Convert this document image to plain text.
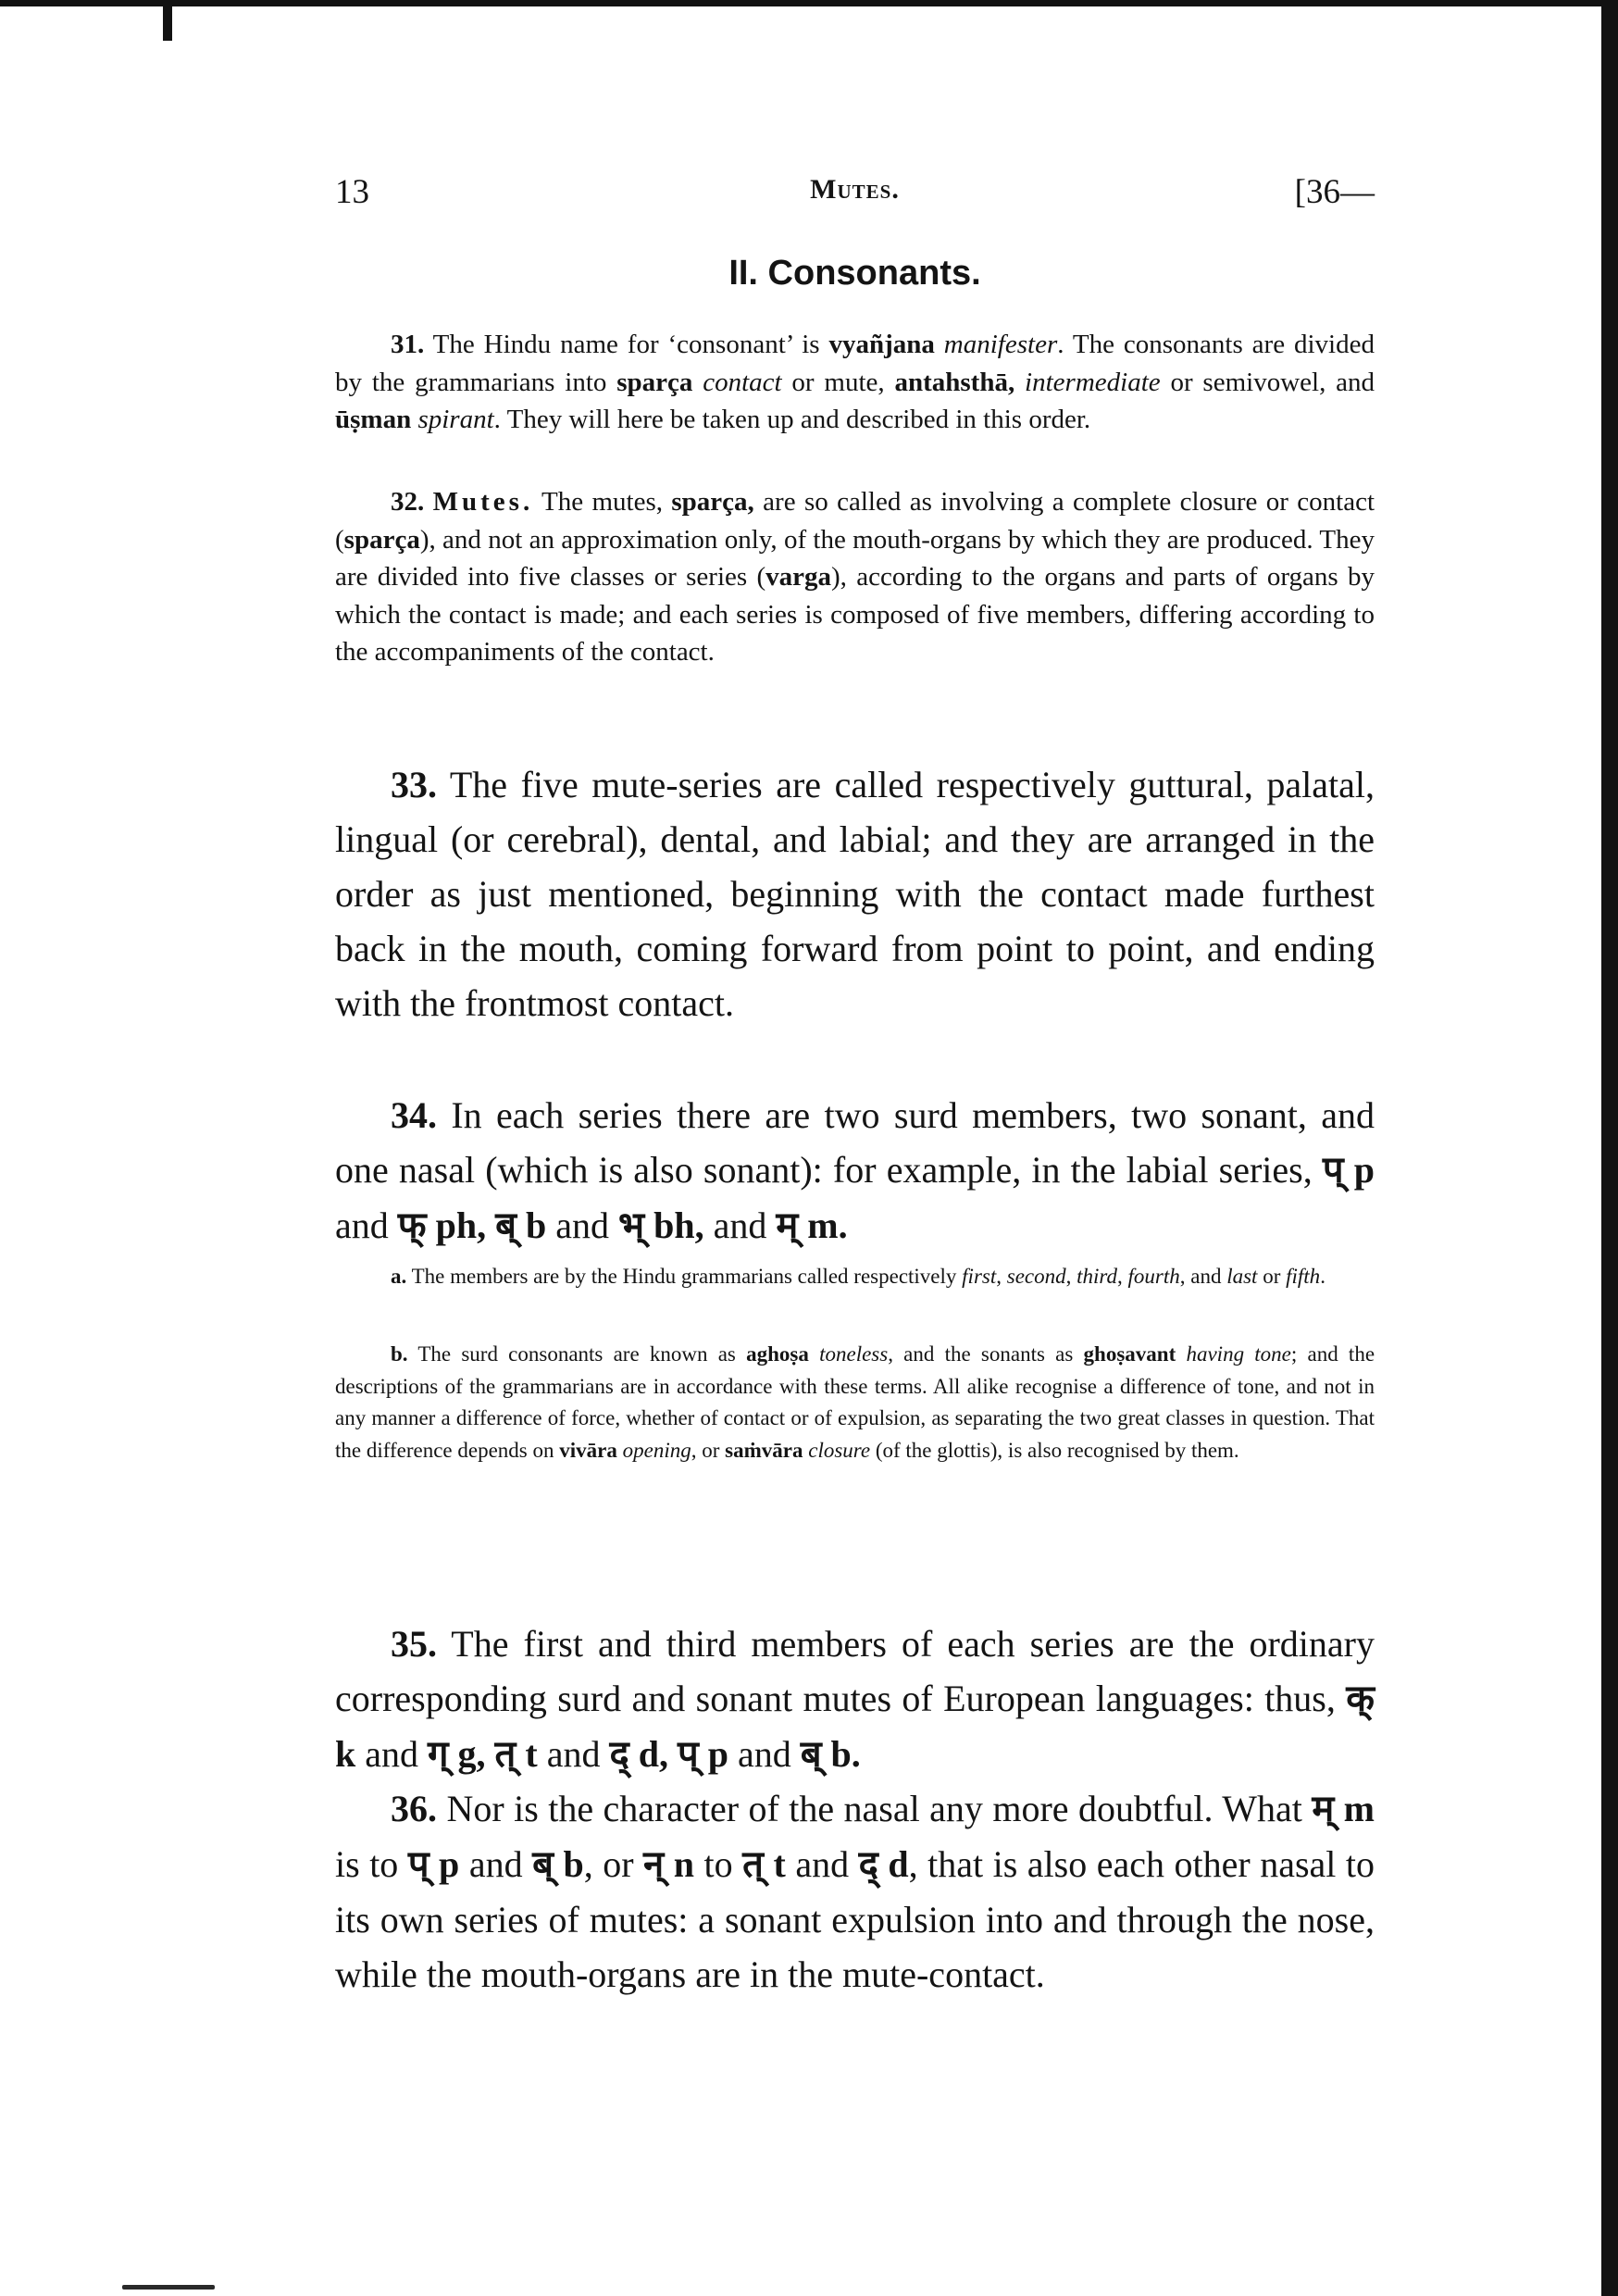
13	Mutes.	[36—
II. Consonants.

31. The Hindu name for ‘consonant’ is vyañjana manifester. The consonants are divided by the grammarians into sparça contact or mute, antahsthā, intermediate or semivowel, and ūṣman spirant. They will here be taken up and described in this order.

32. Mutes. The mutes, sparça, are so called as involving a complete closure or contact (sparça), and not an approximation only, of the mouth-organs by which they are produced. They are divided into five classes or series (varga), according to the organs and parts of organs by which the contact is made; and each series is composed of five members, differing according to the accompaniments of the contact.

33. The five mute-series are called respectively guttural, palatal, lingual (or cerebral), dental, and labial; and they are arranged in the order as just mentioned, beginning with the contact made furthest back in the mouth, coming forward from point to point, and ending with the frontmost contact.

34. In each series there are two surd members, two sonant, and one nasal (which is also sonant): for example, in the labial series, प् p and फ् ph, ब् b and भ् bh, and म् m.

a. The members are by the Hindu grammarians called respectively first, second, third, fourth, and last or fifth.

b. The surd consonants are known as aghoṣa toneless, and the sonants as ghoṣavant having tone; and the descriptions of the grammarians are in accordance with these terms. All alike recognise a difference of tone, and not in any manner a difference of force, whether of contact or of expulsion, as separating the two great classes in question. That the difference depends on vivāra opening, or saṁvāra closure (of the glottis), is also recognised by them.

35. The first and third members of each series are the ordinary corresponding surd and sonant mutes of European languages: thus, क् k and ग् g, त् t and द् d, प् p and ब् b.

36. Nor is the character of the nasal any more doubtful. What म् m is to प् p and ब् b, or न् n to त् t and द् d, that is also each other nasal to its own series of mutes: a sonant expulsion into and through the nose, while the mouth-organs are in the mute-contact.
